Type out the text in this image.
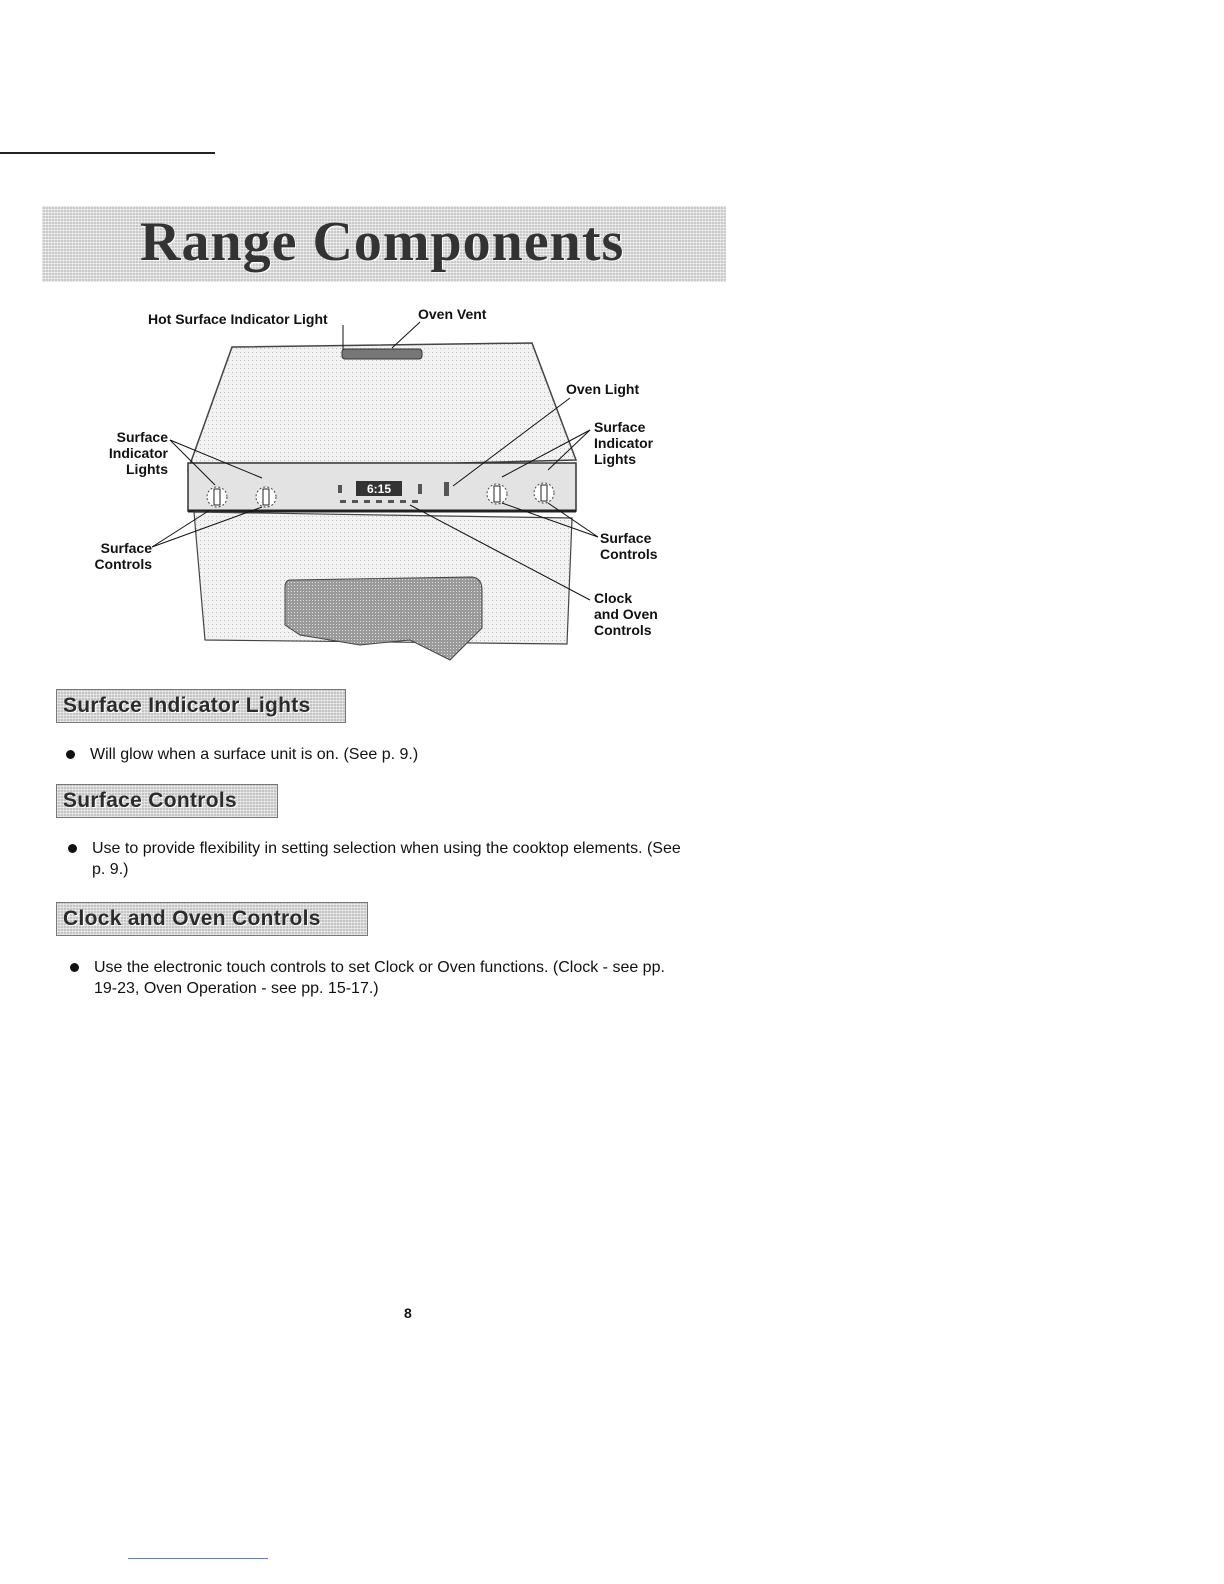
Range Components
6:15
Hot Surface Indicator Light	Oven Vent
Oven Light
Surface
Indicator
Lights
Surface
Indicator
Lights
Surface
Controls
Surface
Controls
Clock
and Oven
Controls
Surface Indicator Lights
Will glow when a surface unit is on. (See p. 9.)
Surface Controls
Use to provide flexibility in setting selection when using the cooktop elements. (See
p. 9.)
Clock and Oven Controls
Use the electronic touch controls to set Clock or Oven functions. (Clock - see pp.
19-23, Oven Operation - see pp. 15-17.)
8
